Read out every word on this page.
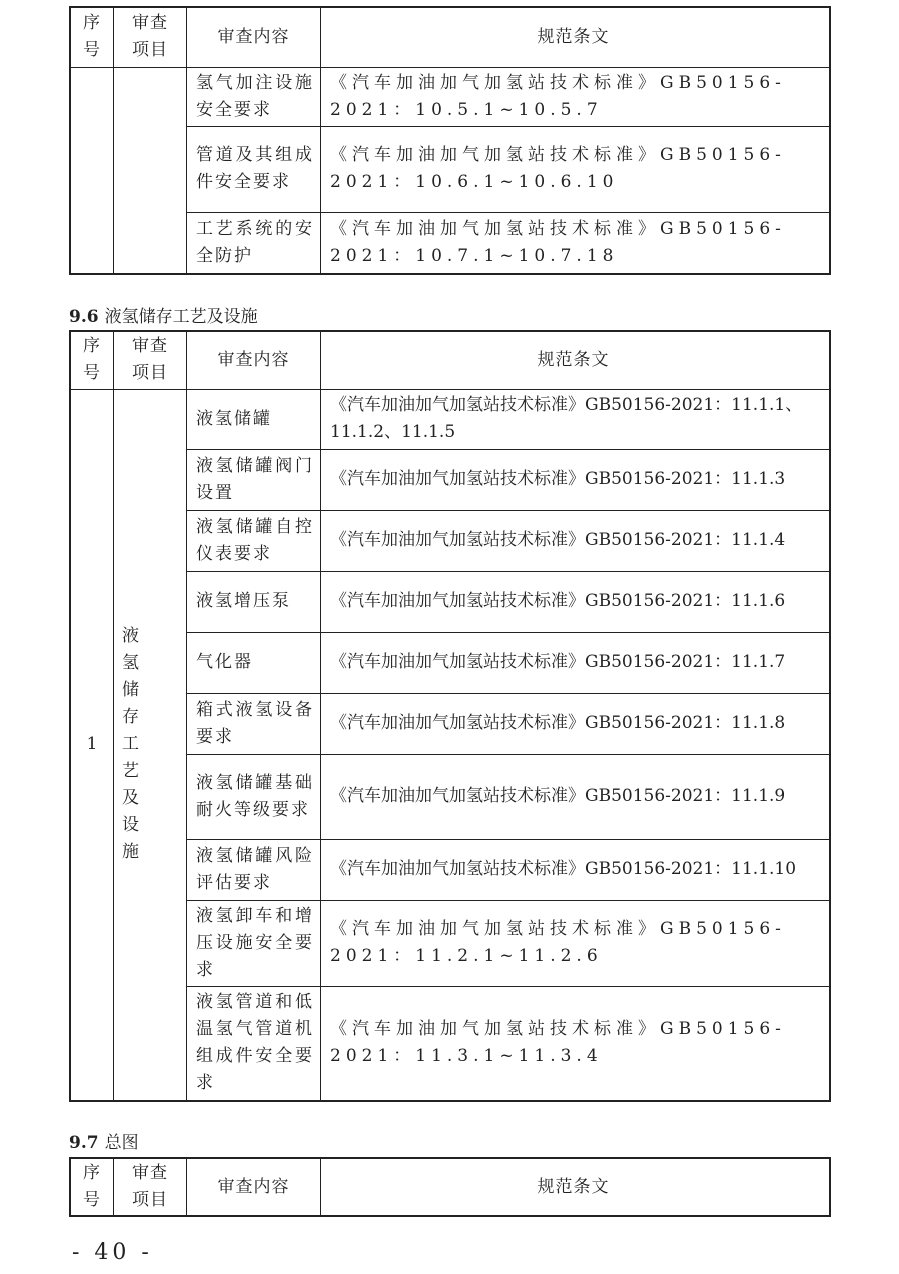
序号	审查项目	审查内容	规范条文
		氢气加注设施安全要求	《汽车加油加气加氢站技术标准》GB50156-2021：10.5.1~10.5.7
		管道及其组成件安全要求	《汽车加油加气加氢站技术标准》GB50156-2021：10.6.1~10.6.10
		工艺系统的安全防护	《汽车加油加气加氢站技术标准》GB50156-2021：10.7.1~10.7.18
9.6 液氢储存工艺及设施
序号	审查项目	审查内容	规范条文
1	液氢储存工艺及设施	液氢储罐	《汽车加油加气加氢站技术标准》GB50156-2021：11.1.1、11.1.2、11.1.5
		液氢储罐阀门设置	《汽车加油加气加氢站技术标准》GB50156-2021：11.1.3
		液氢储罐自控仪表要求	《汽车加油加气加氢站技术标准》GB50156-2021：11.1.4
		液氢增压泵	《汽车加油加气加氢站技术标准》GB50156-2021：11.1.6
		气化器	《汽车加油加气加氢站技术标准》GB50156-2021：11.1.7
		箱式液氢设备要求	《汽车加油加气加氢站技术标准》GB50156-2021：11.1.8
		液氢储罐基础耐火等级要求	《汽车加油加气加氢站技术标准》GB50156-2021：11.1.9
		液氢储罐风险评估要求	《汽车加油加气加氢站技术标准》GB50156-2021：11.1.10
		液氢卸车和增压设施安全要求	《汽车加油加气加氢站技术标准》GB50156-2021：11.2.1~11.2.6
		液氢管道和低温氢气管道机组成件安全要求	《汽车加油加气加氢站技术标准》GB50156-2021：11.3.1~11.3.4
9.7 总图
序号	审查项目	审查内容	规范条文
- 40 -
